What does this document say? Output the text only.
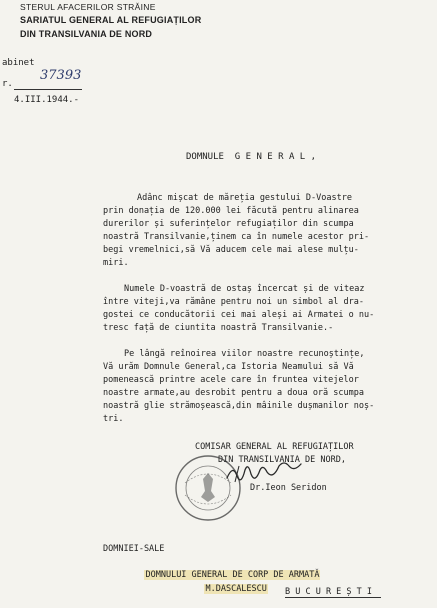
STERUL AFACERILOR STRĂINE
SARIATUL GENERAL AL REFUGIAȚILOR
DIN TRANSILVANIA DE NORD
abinet
37393
r.
4.III.1944.-
DOMNULE  G E N E R A L ,
Adânc mișcat de măreția gestului D-Voastre
prin donația de 120.000 lei făcută pentru alinarea
durerilor și suferințelor refugiaților din scumpa
noastră Transilvanie,ținem ca în numele acestor pri-
begi vremelnici,să Vă aducem cele mai alese mulțu-
miri.
Numele D-voastră de ostaș încercat și de viteaz
între viteji,va rămâne pentru noi un simbol al dra-
gostei ce conducătorii cei mai aleși ai Armatei o nu-
tresc față de ciuntita noastră Transilvanie.-
Pe lângă reînoirea viilor noastre recunoștințe,
Vă urăm Domnule General,ca Istoria Neamului să Vă
pomenească printre acele care în fruntea vitejelor
noastre armate,au desrobit pentru a doua oră scumpa
noastră glie strămoșească,din mâinile dușmanilor noș-
tri.
COMISAR GENERAL AL REFUGIAȚILOR
DIN TRANSILVANIA DE NORD,
Dr.Ieon Seridon
DOMNIEI-SALE

DOMNULUI GENERAL DE CORP DE ARMATĂ

M.DASCALESCU
B U C U R E Ș T I
